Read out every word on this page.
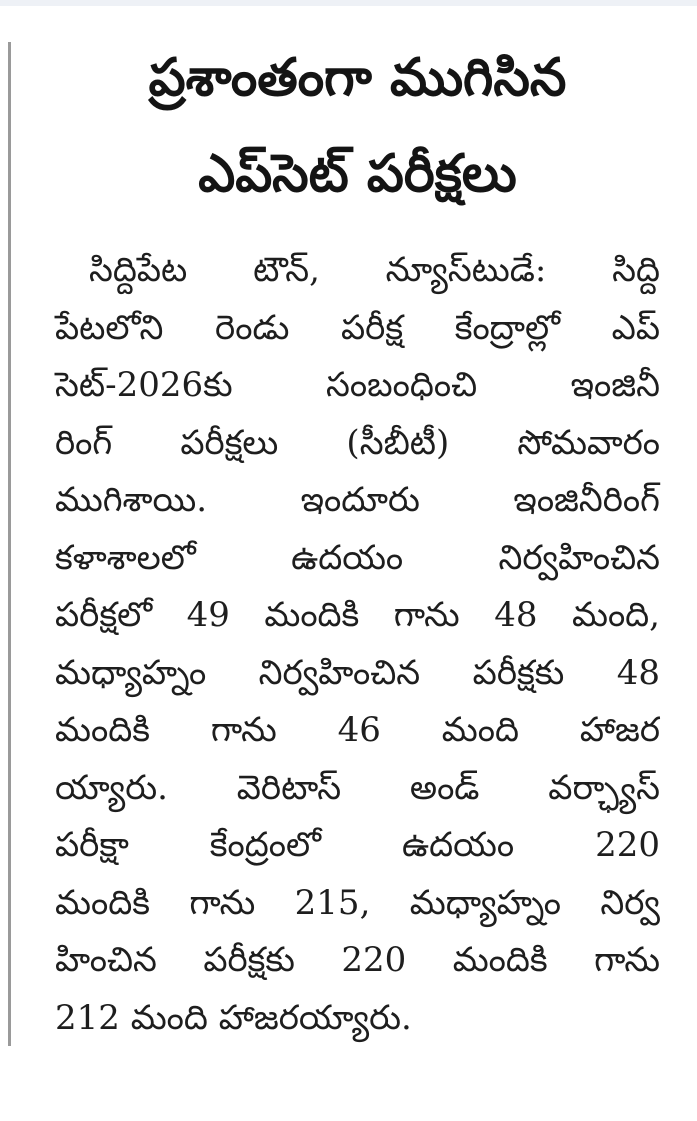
ప్రశాంతంగా ముగిసిన
ఎప్‌సెట్ పరీక్షలు
సిద్దిపేట టౌన్, న్యూస్‌టుడే: సిద్ది
పేటలోని రెండు పరీక్ష కేంద్రాల్లో ఎప్
సెట్-2026కు సంబంధించి ఇంజినీ
రింగ్ పరీక్షలు (సీబీటీ) సోమవారం
ముగిశాయి. ఇందూరు ఇంజినీరింగ్
కళాశాలలో ఉదయం నిర్వహించిన
పరీక్షలో 49 మందికి గాను 48 మంది,
మధ్యాహ్నం నిర్వహించిన పరీక్షకు 48
మందికి గాను 46 మంది హాజర
య్యారు. వెరిటాస్ అండ్ వర్ఛ్యాస్
పరీక్షా కేంద్రంలో ఉదయం 220
మందికి గాను 215, మధ్యాహ్నం నిర్వ
హించిన పరీక్షకు 220 మందికి గాను
212 మంది హాజరయ్యారు.
